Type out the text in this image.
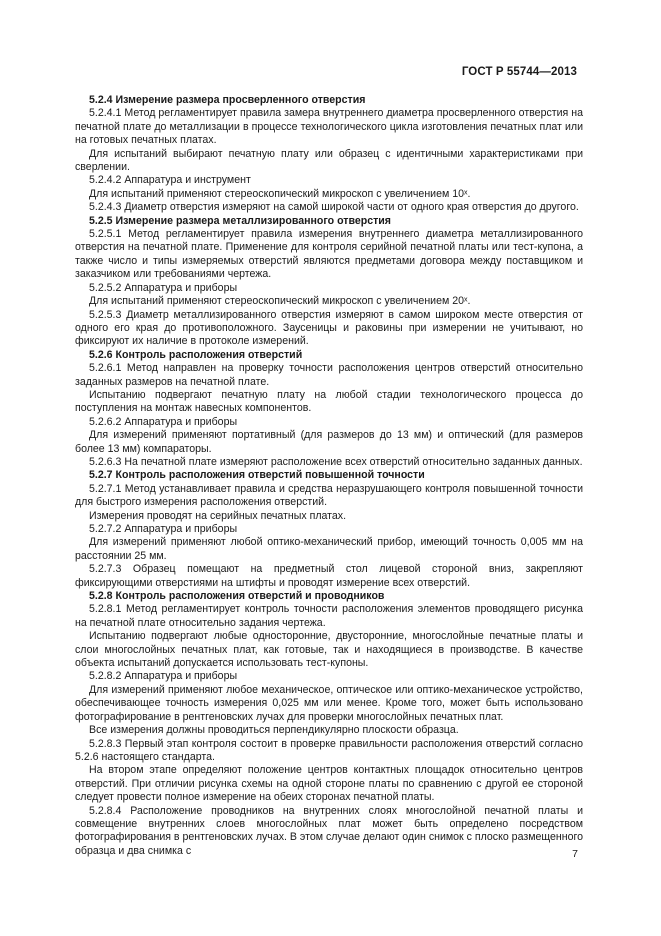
ГОСТ Р 55744—2013

5.2.4 Измерение размера просверленного отверстия

5.2.4.1 Метод регламентирует правила замера внутреннего диаметра просверленного отверстия на печатной плате до металлизации в процессе технологического цикла изготовления печатных плат или на готовых печатных платах.

Для испытаний выбирают печатную плату или образец с идентичными характеристиками при сверлении.

5.2.4.2 Аппаратура и инструмент

Для испытаний применяют стереоскопический микроскоп с увеличением 10ˣ.

5.2.4.3 Диаметр отверстия измеряют на самой широкой части от одного края отверстия до другого.

5.2.5 Измерение размера металлизированного отверстия

5.2.5.1 Метод регламентирует правила измерения внутреннего диаметра металлизированного отверстия на печатной плате. Применение для контроля серийной печатной платы или тест-купона, а также число и типы измеряемых отверстий являются предметами договора между поставщиком и заказчиком или требованиями чертежа.

5.2.5.2 Аппаратура и приборы

Для испытаний применяют стереоскопический микроскоп с увеличением 20ˣ.

5.2.5.3 Диаметр металлизированного отверстия измеряют в самом широком месте отверстия от одного его края до противоположного. Заусеницы и раковины при измерении не учитывают, но фиксируют их наличие в протоколе измерений.

5.2.6 Контроль расположения отверстий

5.2.6.1 Метод направлен на проверку точности расположения центров отверстий относительно заданных размеров на печатной плате.

Испытанию подвергают печатную плату на любой стадии технологического процесса до поступления на монтаж навесных компонентов.

5.2.6.2 Аппаратура и приборы

Для измерений применяют портативный (для размеров до 13 мм) и оптический (для размеров более 13 мм) компараторы.

5.2.6.3 На печатной плате измеряют расположение всех отверстий относительно заданных данных.

5.2.7 Контроль расположения отверстий повышенной точности

5.2.7.1 Метод устанавливает правила и средства неразрушающего контроля повышенной точности для быстрого измерения расположения отверстий.

Измерения проводят на серийных печатных платах.

5.2.7.2 Аппаратура и приборы

Для измерений применяют любой оптико-механический прибор, имеющий точность 0,005 мм на расстоянии 25 мм.

5.2.7.3 Образец помещают на предметный стол лицевой стороной вниз, закрепляют фиксирующими отверстиями на штифты и проводят измерение всех отверстий.

5.2.8 Контроль расположения отверстий и проводников

5.2.8.1 Метод регламентирует контроль точности расположения элементов проводящего рисунка на печатной плате относительно задания чертежа.

Испытанию подвергают любые односторонние, двусторонние, многослойные печатные платы и слои многослойных печатных плат, как готовые, так и находящиеся в производстве. В качестве объекта испытаний допускается использовать тест-купоны.

5.2.8.2 Аппаратура и приборы

Для измерений применяют любое механическое, оптическое или оптико-механическое устройство, обеспечивающее точность измерения 0,025 мм или менее. Кроме того, может быть использовано фотографирование в рентгеновских лучах для проверки многослойных печатных плат.

Все измерения должны проводиться перпендикулярно плоскости образца.

5.2.8.3 Первый этап контроля состоит в проверке правильности расположения отверстий согласно 5.2.6 настоящего стандарта.

На втором этапе определяют положение центров контактных площадок относительно центров отверстий. При отличии рисунка схемы на одной стороне платы по сравнению с другой ее стороной следует провести полное измерение на обеих сторонах печатной платы.

5.2.8.4 Расположение проводников на внутренних слоях многослойной печатной платы и совмещение внутренних слоев многослойных плат может быть определено посредством фотографирования в рентгеновских лучах. В этом случае делают один снимок с плоско размещенного образца и два снимка с	7
